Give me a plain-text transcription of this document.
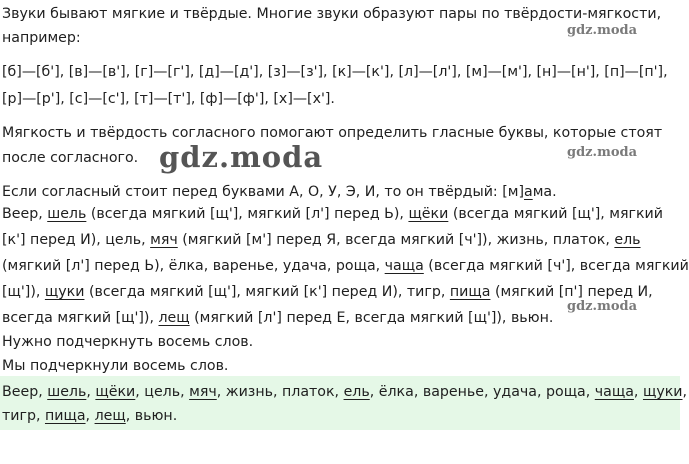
Звуки бывают мягкие и твёрдые. Многие звуки образуют пары по твёрдости-мягкости,
например:
[б]—[б'], [в]—[в'], [г]—[г'], [д]—[д'], [з]—[з'], [к]—[к'], [л]—[л'], [м]—[м'], [н]—[н'], [п]—[п'],
[р]—[р'], [с]—[с'], [т]—[т'], [ф]—[ф'], [х]—[х'].
Мягкость и твёрдость согласного помогают определить гласные буквы, которые стоят
после согласного.
Если согласный стоит перед буквами А, О, У, Э, И, то он твёрдый: [м]ама.
Веер, шель (всегда мягкий [щ'], мягкий [л'] перед Ь), щёки (всегда мягкий [щ'], мягкий
[к'] перед И), цель, мяч (мягкий [м'] перед Я, всегда мягкий [ч']), жизнь, платок, ель
(мягкий [л'] перед Ь), ёлка, варенье, удача, роща, чаща (всегда мягкий [ч'], всегда мягкий
[щ']), щуки (всегда мягкий [щ'], мягкий [к'] перед И), тигр, пища (мягкий [п'] перед И,
всегда мягкий [щ']), лещ (мягкий [л'] перед Е, всегда мягкий [щ']), вьюн.
Нужно подчеркнуть восемь слов.
Мы подчеркнули восемь слов.
Веер, шель, щёки, цель, мяч, жизнь, платок, ель, ёлка, варенье, удача, роща, чаща, щуки,
тигр, пища, лещ, вьюн.
gdz.moda
gdz.moda
gdz.moda
gdz.moda
